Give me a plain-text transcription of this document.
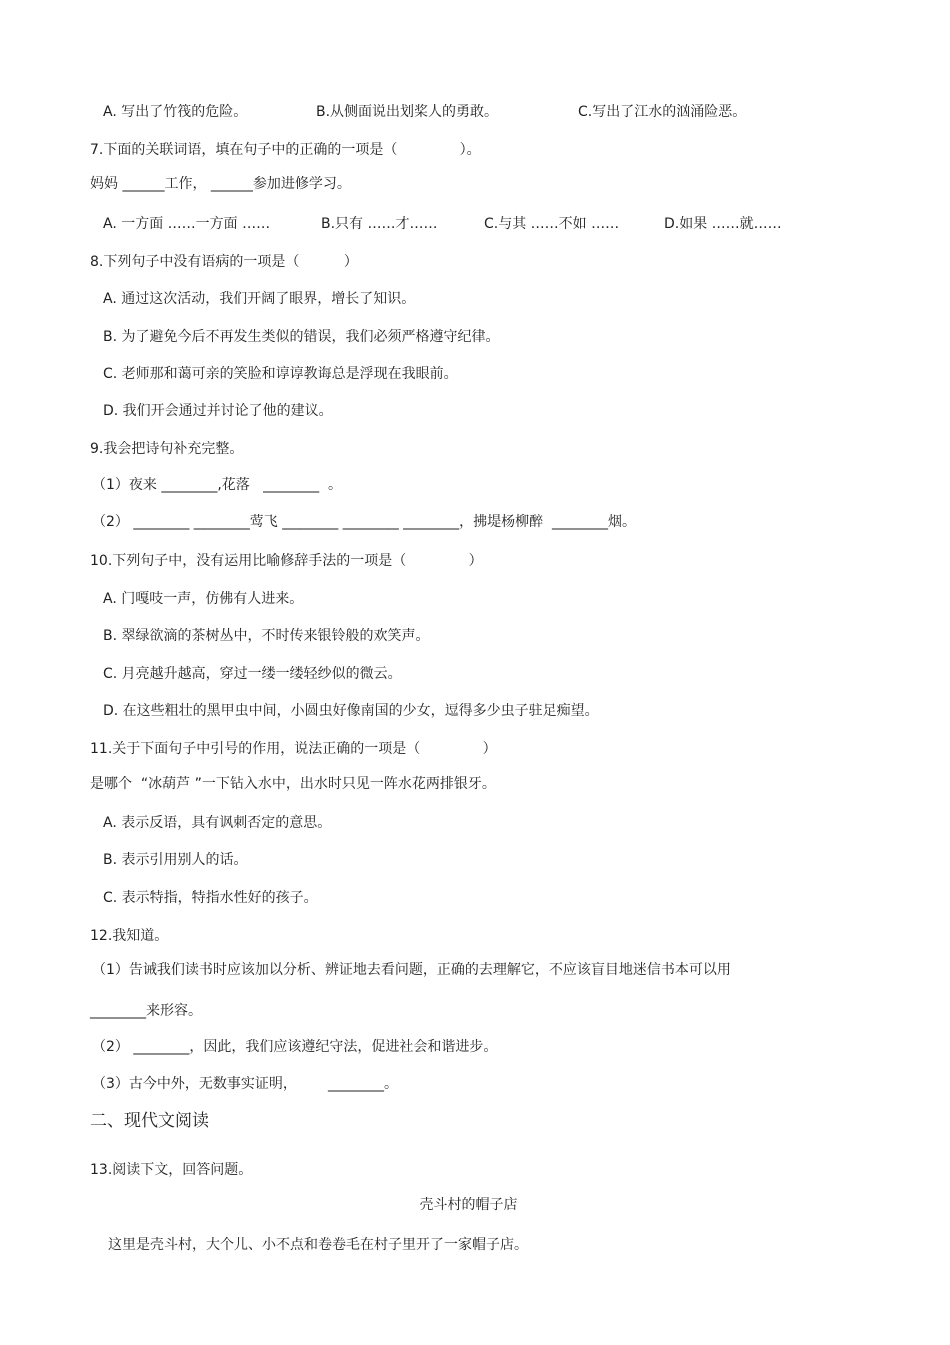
A. 写出了竹筏的危险。	B.从侧面说出划桨人的勇敢。	C.写出了江水的汹涌险恶。
7.下面的关联词语，填在句子中的正确的一项是（              ）。
妈妈 ______工作， ______参加进修学习。
A. 一方面 ……一方面 ……	B.只有 ……才……	C.与其 ……不如 ……	D.如果 ……就……
8.下列句子中没有语病的一项是（          ）
A. 通过这次活动，我们开阔了眼界，增长了知识。
B. 为了避免今后不再发生类似的错误，我们必须严格遵守纪律。
C. 老师那和蔼可亲的笑脸和谆谆教诲总是浮现在我眼前。
D. 我们开会通过并讨论了他的建议。
9.我会把诗句补充完整。
（1）夜来 ________,花落   ________  。
（2） ________ ________莺飞 ________ ________ ________，拂堤杨柳醉  ________烟。
10.下列句子中，没有运用比喻修辞手法的一项是（              ）
A. 门嘎吱一声，仿佛有人进来。
B. 翠绿欲滴的茶树丛中，不时传来银铃般的欢笑声。
C. 月亮越升越高，穿过一缕一缕轻纱似的微云。
D. 在这些粗壮的黑甲虫中间，小圆虫好像南国的少女，逗得多少虫子驻足痴望。
11.关于下面句子中引号的作用，说法正确的一项是（              ）
是哪个  “冰葫芦 ”一下钻入水中，出水时只见一阵水花两排银牙。
A. 表示反语，具有讽刺否定的意思。
B. 表示引用别人的话。
C. 表示特指，特指水性好的孩子。
12.我知道。
（1）告诫我们读书时应该加以分析、辨证地去看问题，正确的去理解它，不应该盲目地迷信书本可以用
________来形容。
（2） ________，因此，我们应该遵纪守法，促进社会和谐进步。
（3）古今中外，无数事实证明，       ________。
二、现代文阅读
13.阅读下文，回答问题。
壳斗村的帽子店
这里是壳斗村，大个儿、小不点和卷卷毛在村子里开了一家帽子店。
